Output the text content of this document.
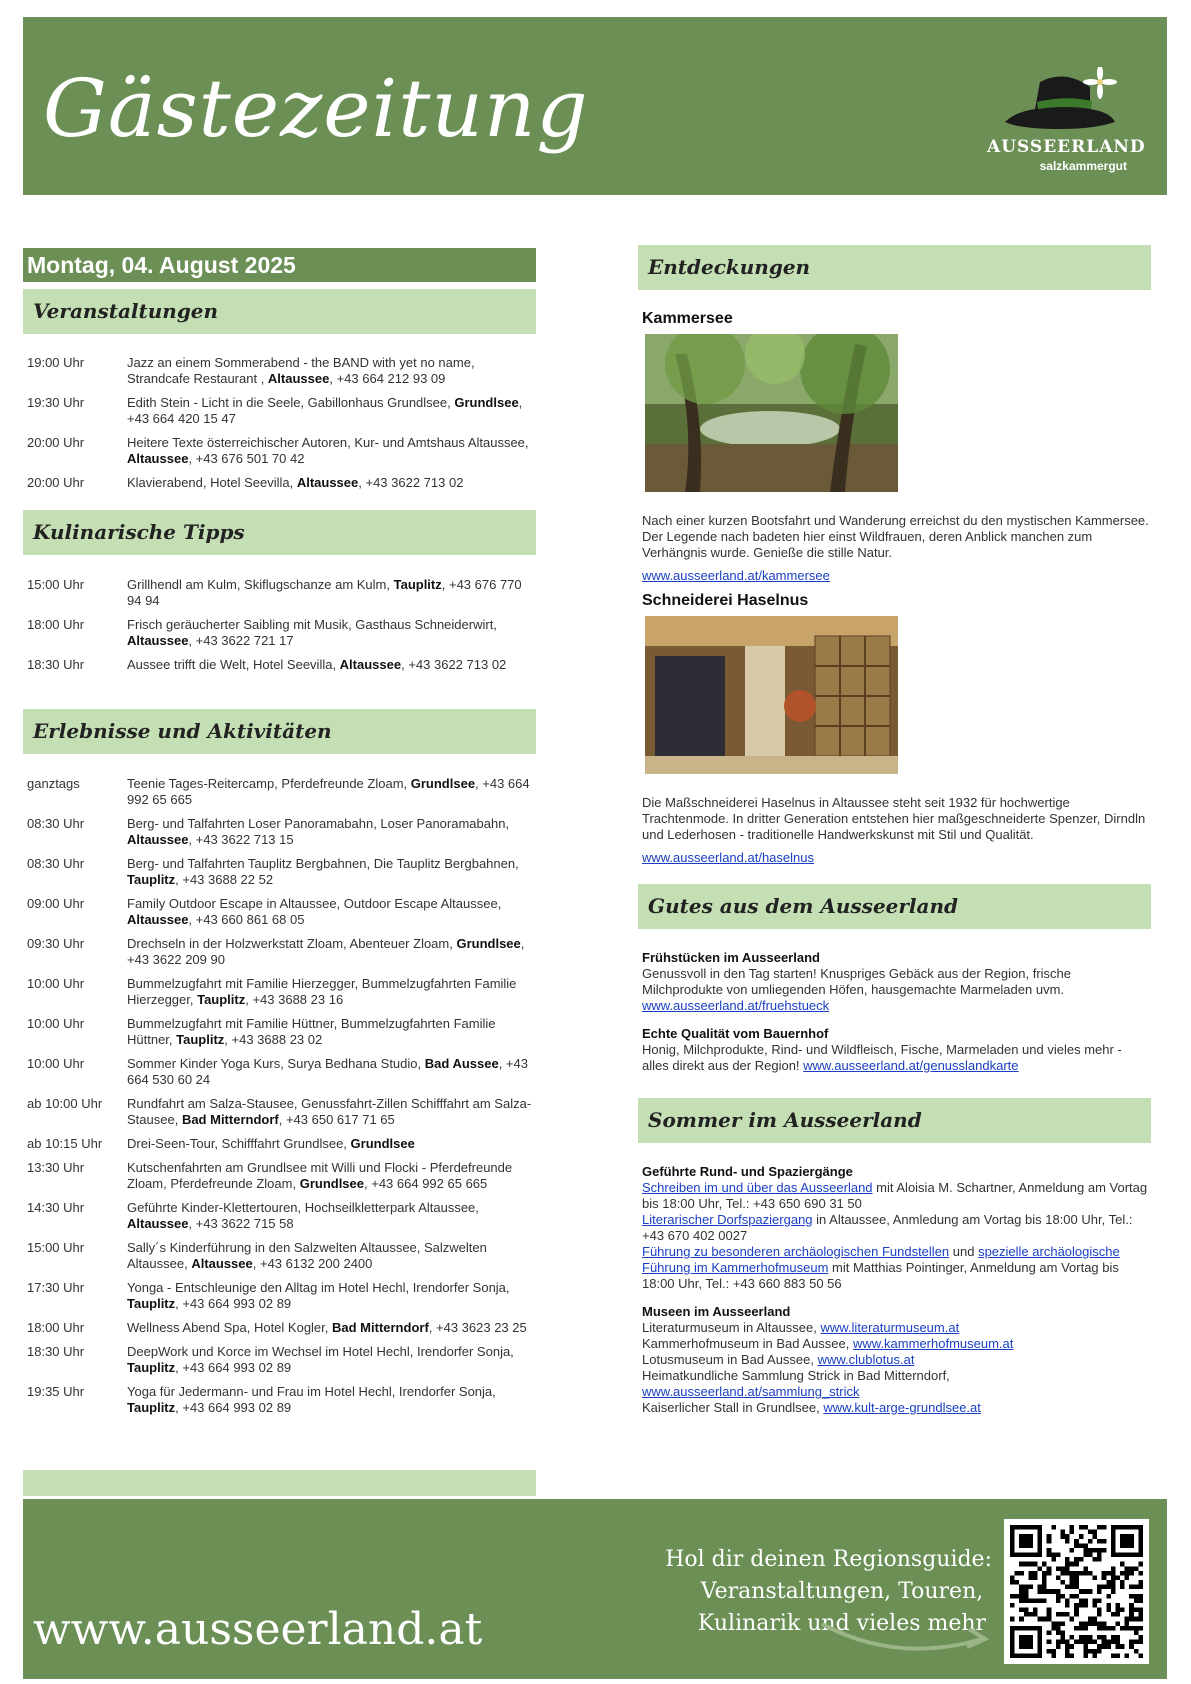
Gästezeitung	AUSSEERLAND
salzkammergut
Montag, 04. August 2025
Veranstaltungen
19:00 Uhr	Jazz an einem Sommerabend - the BAND with yet no name, Strandcafe Restaurant , Altaussee, +43 664 212 93 09
19:30 Uhr	Edith Stein - Licht in die Seele, Gabillonhaus Grundlsee, Grundlsee, +43 664 420 15 47
20:00 Uhr	Heitere Texte österreichischer Autoren, Kur- und Amtshaus Altaussee, Altaussee, +43 676 501 70 42
20:00 Uhr	Klavierabend, Hotel Seevilla, Altaussee, +43 3622 713 02
Kulinarische Tipps
15:00 Uhr	Grillhendl am Kulm, Skiflugschanze am Kulm, Tauplitz, +43 676 770 94 94
18:00 Uhr	Frisch geräucherter Saibling mit Musik, Gasthaus Schneiderwirt, Altaussee, +43 3622 721 17
18:30 Uhr	Aussee trifft die Welt, Hotel Seevilla, Altaussee, +43 3622 713 02
Erlebnisse und Aktivitäten
ganztags	Teenie Tages-Reitercamp, Pferdefreunde Zloam, Grundlsee, +43 664 992 65 665
08:30 Uhr	Berg- und Talfahrten Loser Panoramabahn, Loser Panoramabahn, Altaussee, +43 3622 713 15
08:30 Uhr	Berg- und Talfahrten Tauplitz Bergbahnen, Die Tauplitz Bergbahnen, Tauplitz, +43 3688 22 52
09:00 Uhr	Family Outdoor Escape in Altaussee, Outdoor Escape Altaussee, Altaussee, +43 660 861 68 05
09:30 Uhr	Drechseln in der Holzwerkstatt Zloam, Abenteuer Zloam, Grundlsee, +43 3622 209 90
10:00 Uhr	Bummelzugfahrt mit Familie Hierzegger, Bummelzugfahrten Familie Hierzegger, Tauplitz, +43 3688 23 16
10:00 Uhr	Bummelzugfahrt mit Familie Hüttner, Bummelzugfahrten Familie Hüttner, Tauplitz, +43 3688 23 02
10:00 Uhr	Sommer Kinder Yoga Kurs, Surya Bedhana Studio, Bad Aussee, +43 664 530 60 24
ab 10:00 Uhr	Rundfahrt am Salza-Stausee, Genussfahrt-Zillen Schifffahrt am Salza-Stausee, Bad Mitterndorf, +43 650 617 71 65
ab 10:15 Uhr	Drei-Seen-Tour, Schifffahrt Grundlsee, Grundlsee
13:30 Uhr	Kutschenfahrten am Grundlsee mit Willi und Flocki - Pferdefreunde Zloam, Pferdefreunde Zloam, Grundlsee, +43 664 992 65 665
14:30 Uhr	Geführte Kinder-Klettertouren, Hochseilkletterpark Altaussee, Altaussee, +43 3622 715 58
15:00 Uhr	Sally´s Kinderführung in den Salzwelten Altaussee, Salzwelten Altaussee, Altaussee, +43 6132 200 2400
17:30 Uhr	Yonga - Entschleunige den Alltag im Hotel Hechl, Irendorfer Sonja, Tauplitz, +43 664 993 02 89
18:00 Uhr	Wellness Abend Spa, Hotel Kogler, Bad Mitterndorf, +43 3623 23 25
18:30 Uhr	DeepWork und Korce im Wechsel im Hotel Hechl, Irendorfer Sonja, Tauplitz, +43 664 993 02 89
19:35 Uhr	Yoga für Jedermann- und Frau im Hotel Hechl, Irendorfer Sonja, Tauplitz, +43 664 993 02 89
Entdeckungen
Kammersee
Nach einer kurzen Bootsfahrt und Wanderung erreichst du den mystischen Kammersee. Der Legende nach badeten hier einst Wildfrauen, deren Anblick manchen zum Verhängnis wurde. Genieße die stille Natur.
www.ausseerland.at/kammersee
Schneiderei Haselnus
Die Maßschneiderei Haselnus in Altaussee steht seit 1932 für hochwertige Trachtenmode. In dritter Generation entstehen hier maßgeschneiderte Spenzer, Dirndln und Lederhosen - traditionelle Handwerkskunst mit Stil und Qualität.
www.ausseerland.at/haselnus
Gutes aus dem Ausseerland
Frühstücken im Ausseerland
Genussvoll in den Tag starten! Knuspriges Gebäck aus der Region, frische Milchprodukte von umliegenden Höfen, hausgemachte Marmeladen uvm.
www.ausseerland.at/fruehstueck
Echte Qualität vom Bauernhof
Honig, Milchprodukte, Rind- und Wildfleisch, Fische, Marmeladen und vieles mehr - alles direkt aus der Region! www.ausseerland.at/genusslandkarte
Sommer im Ausseerland
Geführte Rund- und Spaziergänge
Schreiben im und über das Ausseerland mit Aloisia M. Schartner, Anmeldung am Vortag bis 18:00 Uhr, Tel.: +43 650 690 31 50
Literarischer Dorfspaziergang in Altaussee, Anmledung am Vortag bis 18:00 Uhr, Tel.: +43 670 402 0027
Führung zu besonderen archäologischen Fundstellen und spezielle archäologische Führung im Kammerhofmuseum mit Matthias Pointinger, Anmeldung am Vortag bis 18:00 Uhr, Tel.: +43 660 883 50 56
Museen im Ausseerland
Literaturmuseum in Altaussee, www.literaturmuseum.at
Kammerhofmuseum in Bad Aussee, www.kammerhofmuseum.at
Lotusmuseum in Bad Aussee, www.clublotus.at
Heimatkundliche Sammlung Strick in Bad Mitterndorf,
www.ausseerland.at/sammlung_strick
Kaiserlicher Stall in Grundlsee, www.kult-arge-grundlsee.at
www.ausseerland.at
Hol dir deinen Regionsguide:
Veranstaltungen, Touren,
Kulinarik und vieles mehr
